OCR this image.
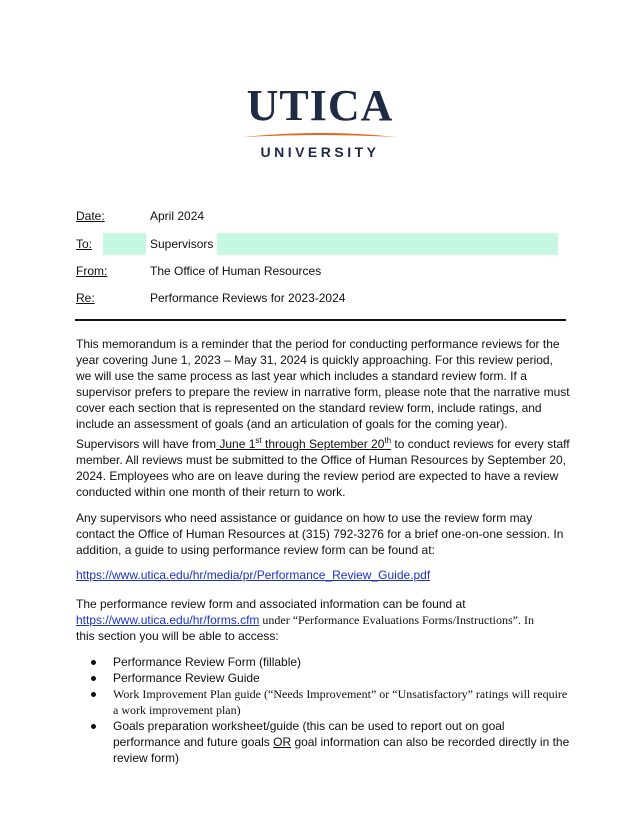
UTICA
UNIVERSITY
Date:	April 2024
To:	Supervisors
From:	The Office of Human Resources
Re:	Performance Reviews for 2023-2024

This memorandum is a reminder that the period for conducting performance reviews for the year covering June 1, 2023 – May 31, 2024 is quickly approaching. For this review period, we will use the same process as last year which includes a standard review form. If a supervisor prefers to prepare the review in narrative form, please note that the narrative must cover each section that is represented on the standard review form, include ratings, and include an assessment of goals (and an articulation of goals for the coming year).

Supervisors will have from June 1st through September 20th to conduct reviews for every staff member. All reviews must be submitted to the Office of Human Resources by September 20, 2024. Employees who are on leave during the review period are expected to have a review conducted within one month of their return to work.

Any supervisors who need assistance or guidance on how to use the review form may contact the Office of Human Resources at (315) 792-3276 for a brief one-on-one session. In addition, a guide to using performance review form can be found at:

https://www.utica.edu/hr/media/pr/Performance_Review_Guide.pdf

The performance review form and associated information can be found at

https://www.utica.edu/hr/forms.cfm under “Performance Evaluations Forms/Instructions”. In

this section you will be able to access:

Performance Review Form (fillable)
Performance Review Guide
Work Improvement Plan guide (“Needs Improvement” or “Unsatisfactory” ratings will require a work improvement plan)
Goals preparation worksheet/guide (this can be used to report out on goal performance and future goals OR goal information can also be recorded directly in the review form)
